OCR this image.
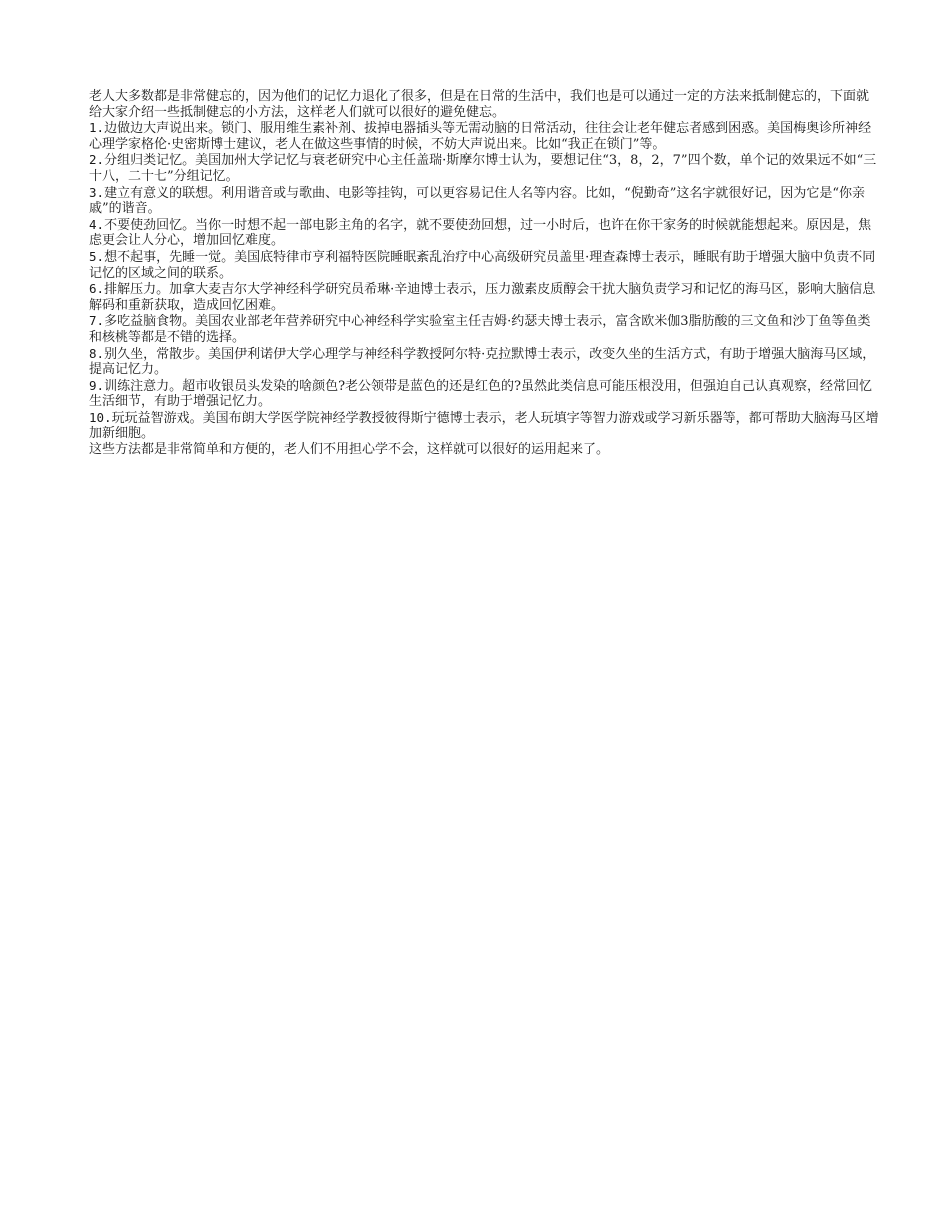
老人大多数都是非常健忘的，因为他们的记忆力退化了很多，但是在日常的生活中，我们也是可以通过一定的方法来抵制健忘的，下面就给大家介绍一些抵制健忘的小方法，这样老人们就可以很好的避免健忘。

1.边做边大声说出来。锁门、服用维生素补剂、拔掉电器插头等无需动脑的日常活动，往往会让老年健忘者感到困惑。美国梅奥诊所神经心理学家格伦·史密斯博士建议，老人在做这些事情的时候，不妨大声说出来。比如“我正在锁门”等。

2.分组归类记忆。美国加州大学记忆与衰老研究中心主任盖瑞·斯摩尔博士认为，要想记住“3，8，2，7”四个数，单个记的效果远不如“三十八，二十七”分组记忆。

3.建立有意义的联想。利用谐音或与歌曲、电影等挂钩，可以更容易记住人名等内容。比如，“倪勤奇”这名字就很好记，因为它是“你亲戚”的谐音。

4.不要使劲回忆。当你一时想不起一部电影主角的名字，就不要使劲回想，过一小时后，也许在你干家务的时候就能想起来。原因是，焦虑更会让人分心，增加回忆难度。

5.想不起事，先睡一觉。美国底特律市亨利福特医院睡眠紊乱治疗中心高级研究员盖里·理查森博士表示，睡眠有助于增强大脑中负责不同记忆的区域之间的联系。

6.排解压力。加拿大麦吉尔大学神经科学研究员希琳·辛迪博士表示，压力激素皮质醇会干扰大脑负责学习和记忆的海马区，影响大脑信息解码和重新获取，造成回忆困难。

7.多吃益脑食物。美国农业部老年营养研究中心神经科学实验室主任吉姆·约瑟夫博士表示，富含欧米伽3脂肪酸的三文鱼和沙丁鱼等鱼类和核桃等都是不错的选择。

8.别久坐，常散步。美国伊利诺伊大学心理学与神经科学教授阿尔特·克拉默博士表示，改变久坐的生活方式，有助于增强大脑海马区域，提高记忆力。

9.训练注意力。超市收银员头发染的啥颜色?老公领带是蓝色的还是红色的?虽然此类信息可能压根没用，但强迫自己认真观察，经常回忆生活细节，有助于增强记忆力。

10.玩玩益智游戏。美国布朗大学医学院神经学教授彼得斯宁德博士表示，老人玩填字等智力游戏或学习新乐器等，都可帮助大脑海马区增加新细胞。

这些方法都是非常简单和方便的，老人们不用担心学不会，这样就可以很好的运用起来了。
